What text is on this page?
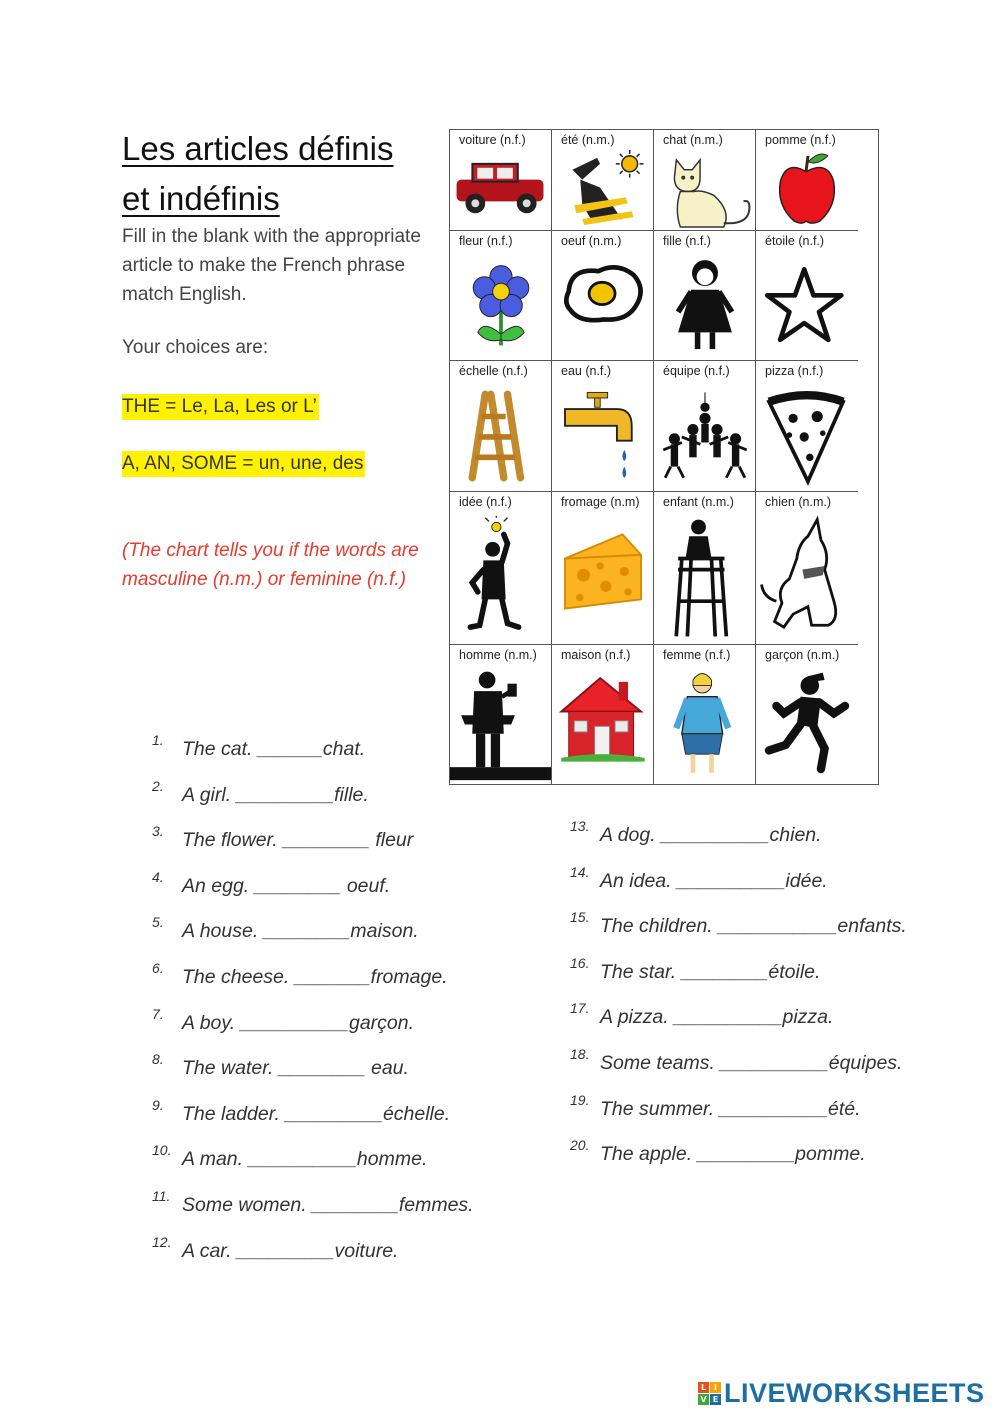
Les articles définis
et indéfinis

Fill in the blank with the appropriate article to make the French phrase match English.

Your choices are:
THE = Le, La, Les or L’
A, AN, SOME = un, une, des

(The chart tells you if the words are masculine (n.m.) or feminine (n.f.)

voiture (n.f.)	été (n.m.)	chat (n.m.)	pomme (n.f.)
fleur (n.f.)	oeuf (n.m.)	fille (n.f.)	étoile (n.f.)
échelle (n.f.)	eau (n.f.)	équipe (n.f.)	pizza (n.f.)
idée (n.f.)	fromage (n.m) enfant (n.m.) chien (n.m.)
homme (n.m.) maison (n.f.)	femme (n.f.)	garçon (n.m.)
1. The cat. ______chat.
2. A girl. _________fille.
3. The flower. ________ fleur
4. An egg. ________ oeuf.
5. A house. ________maison.
6. The cheese. _______fromage.
7. A boy. __________garçon.
8. The water. ________ eau.
9. The ladder. _________échelle.
10. A man. __________homme.
11. Some women. ________femmes.
12. A car. _________voiture.
13. A dog. __________chien.
14. An idea. __________idée.
15. The children. ___________enfants.
16. The star. ________étoile.
17. A pizza. __________pizza.
18. Some teams. __________équipes.
19. The summer. __________été.
20. The apple. _________pomme.
L I
V E LIVEWORKSHEETS
